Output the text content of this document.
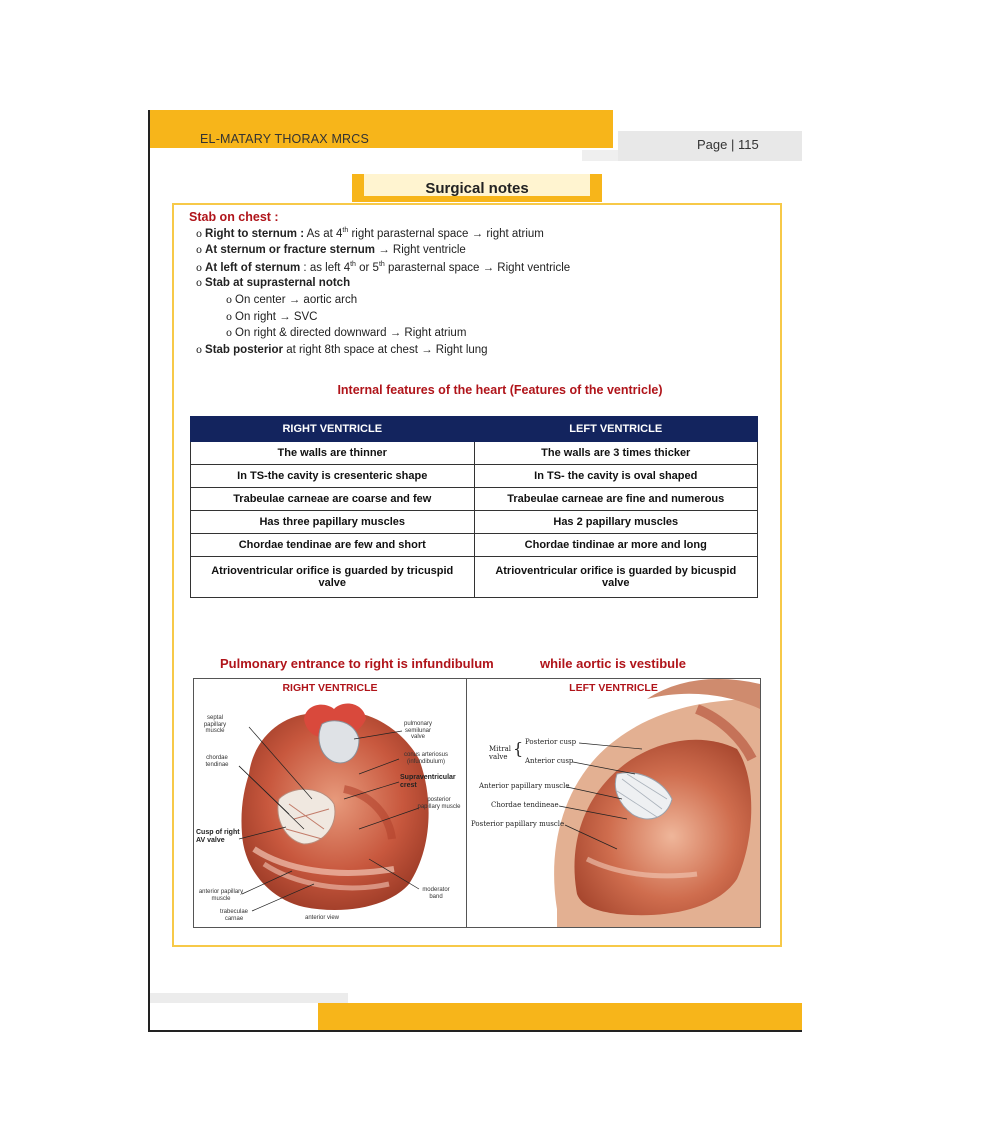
EL-MATARY THORAX MRCS	Page | 115
Surgical notes
Stab on chest :
o Right to sternum : As at 4th right parasternal space → right atrium
o At sternum or fracture sternum → Right ventricle
o At left of sternum : as left 4th or 5th parasternal space → Right ventricle
o Stab at suprasternal notch
o On center → aortic arch
o On right → SVC
o On right & directed downward → Right atrium
o Stab posterior at right 8th space at chest → Right lung
Internal features of the heart (Features of the ventricle)
RIGHT VENTRICLE	LEFT VENTRICLE
The walls are thinner	The walls are 3 times thicker
In TS-the cavity is cresenteric shape	In TS- the cavity is oval shaped
Trabeulae carneae are coarse and few	Trabeulae carneae are fine and numerous
Has three papillary muscles	Has 2 papillary muscles
Chordae tendinae are few and short	Chordae tindinae ar more and long
Atrioventricular orifice is guarded by tricuspid valve	Atrioventricular orifice is guarded by bicuspid valve
Pulmonary entrance to right is infundibulum	while aortic is vestibule
RIGHT VENTRICLE
septal papillary muscle
chordae tendinae
Cusp of right AV valve
anterior papillary muscle
trabeculae carnae	anterior view
pulmonary semilunar valve
conus arteriosus (infundibulum)
Supraventricular crest
posterior papillary muscle
moderator band
LEFT VENTRICLE
Mitral valve { Posterior cusp
Anterior cusp
Anterior papillary muscle
Chordae tendineae
Posterior papillary muscle
